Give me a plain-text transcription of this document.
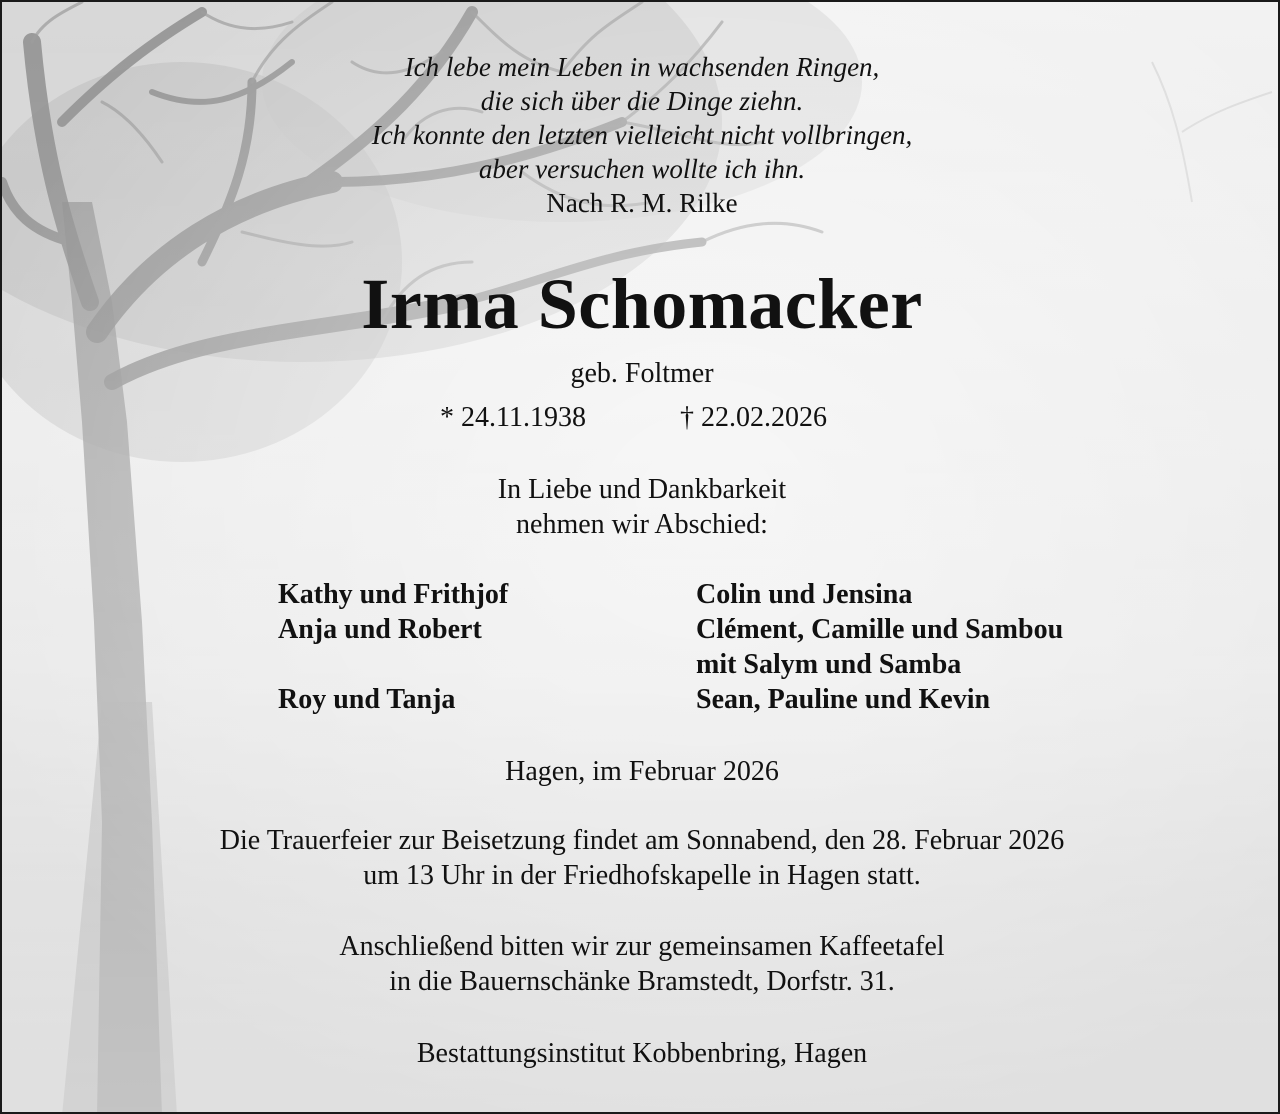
Ich lebe mein Leben in wachsenden Ringen,
die sich über die Dinge ziehn.
Ich konnte den letzten vielleicht nicht vollbringen,
aber versuchen wollte ich ihn.
Nach R. M. Rilke
Irma Schomacker
geb. Foltmer
* 24.11.1938	† 22.02.2026
In Liebe und Dankbarkeit
nehmen wir Abschied:
Kathy und Frithjof
Anja und Robert
Roy und Tanja
Colin und Jensina
Clément, Camille und Sambou
mit Salym und Samba
Sean, Pauline und Kevin
Hagen, im Februar 2026
Die Trauerfeier zur Beisetzung findet am Sonnabend, den 28. Februar 2026
um 13 Uhr in der Friedhofskapelle in Hagen statt.
Anschließend bitten wir zur gemeinsamen Kaffeetafel
in die Bauernschänke Bramstedt, Dorfstr. 31.
Bestattungsinstitut Kobbenbring, Hagen
